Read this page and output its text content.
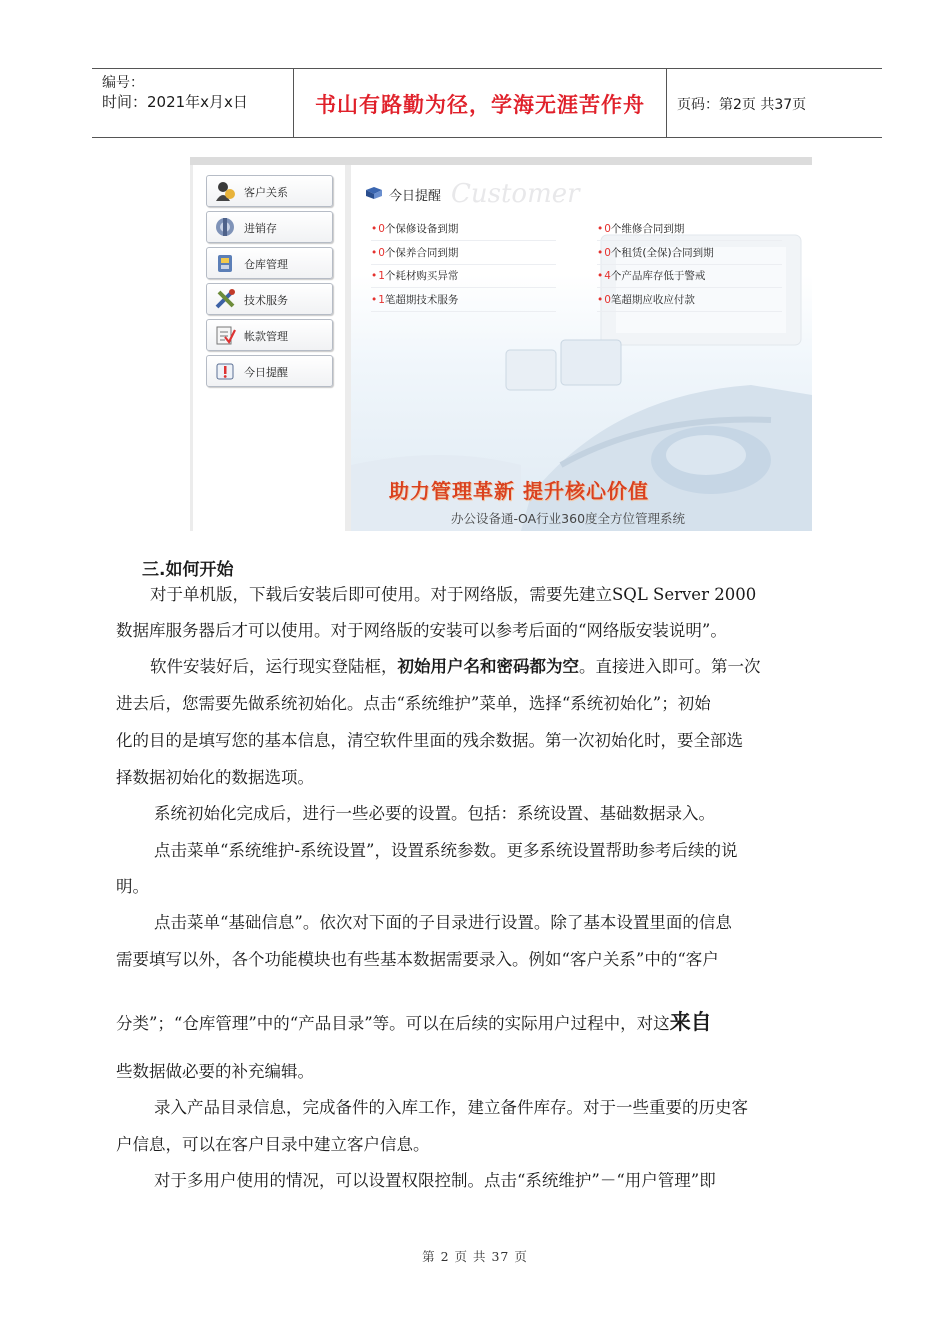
编号：
时间：2021年x月x日	书山有路勤为径，学海无涯苦作舟	页码：第2页 共37页
客户关系
进销存
仓库管理
技术服务
帐款管理
今日提醒
Customer
今日提醒
•0个保修设备到期
•0个保养合同到期
•1个耗材购买异常
•1笔超期技术服务
•0个维修合同到期
•0个租赁(全保)合同到期
•4个产品库存低于警戒
•0笔超期应收应付款
助力管理革新 提升核心价值
办公设备通-OA行业360度全方位管理系统
三.如何开始
对于单机版，下载后安装后即可使用。对于网络版，需要先建立SQL Server 2000
数据库服务器后才可以使用。对于网络版的安装可以参考后面的“网络版安装说明”。
软件安装好后，运行现实登陆框，初始用户名和密码都为空。直接进入即可。第一次
进去后，您需要先做系统初始化。点击“系统维护”菜单，选择“系统初始化”；初始
化的目的是填写您的基本信息，清空软件里面的残余数据。第一次初始化时，要全部选
择数据初始化的数据选项。
系统初始化完成后，进行一些必要的设置。包括：系统设置、基础数据录入。
点击菜单“系统维护-系统设置”，设置系统参数。更多系统设置帮助参考后续的说
明。
点击菜单“基础信息”。依次对下面的子目录进行设置。除了基本设置里面的信息
需要填写以外，各个功能模块也有些基本数据需要录入。例如“客户关系”中的“客户
分类”；“仓库管理”中的“产品目录”等。可以在后续的实际用户过程中，对这来自
些数据做必要的补充编辑。
录入产品目录信息，完成备件的入库工作，建立备件库存。对于一些重要的历史客
户信息，可以在客户目录中建立客户信息。
对于多用户使用的情况，可以设置权限控制。点击“系统维护”－“用户管理”即
第 2 页 共 37 页
